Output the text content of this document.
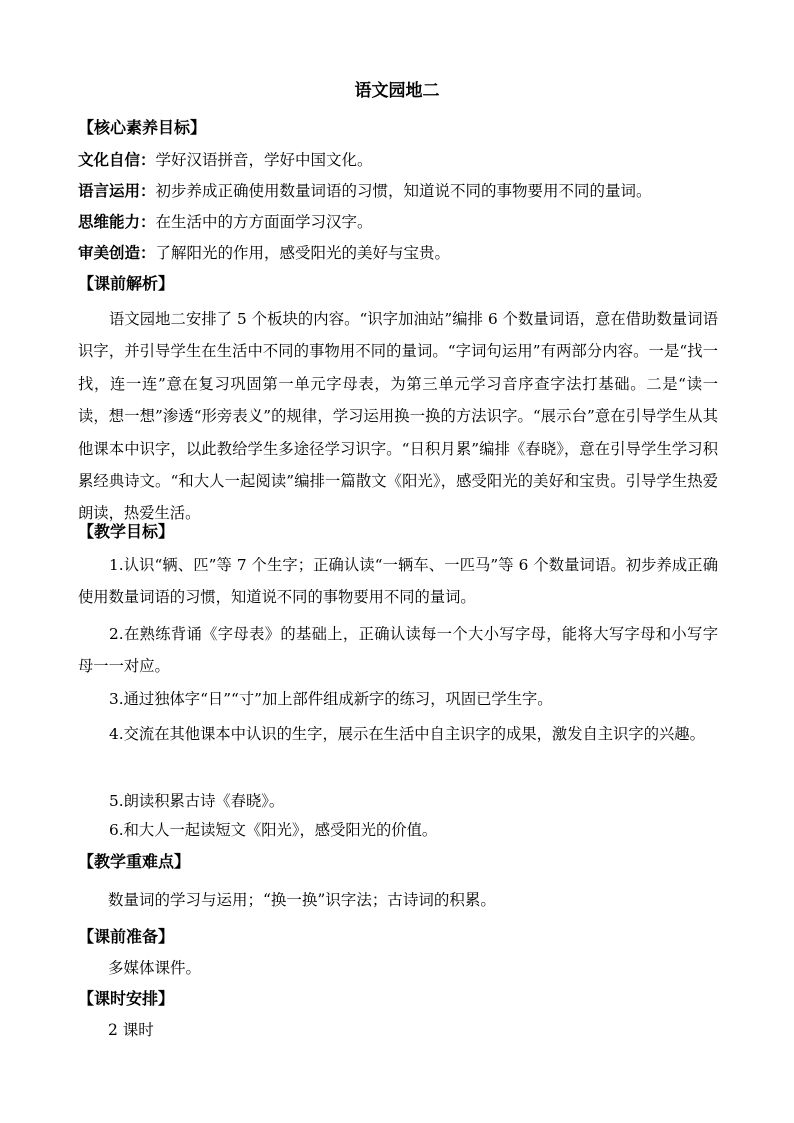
语文园地二
【核心素养目标】
文化自信：学好汉语拼音，学好中国文化。
语言运用：初步养成正确使用数量词语的习惯，知道说不同的事物要用不同的量词。
思维能力：在生活中的方方面面学习汉字。
审美创造：了解阳光的作用，感受阳光的美好与宝贵。
【课前解析】

语文园地二安排了 5 个板块的内容。“识字加油站”编排 6 个数量词语，意在借助数量词语识字，并引导学生在生活中不同的事物用不同的量词。“字词句运用”有两部分内容。一是“找一找，连一连”意在复习巩固第一单元字母表，为第三单元学习音序查字法打基础。二是“读一读，想一想”渗透“形旁表义”的规律，学习运用换一换的方法识字。“展示台”意在引导学生从其他课本中识字，以此教给学生多途径学习识字。“日积月累”编排《春晓》，意在引导学生学习积累经典诗文。“和大人一起阅读”编排一篇散文《阳光》，感受阳光的美好和宝贵。引导学生热爱朗读，热爱生活。

【教学目标】

1.认识“辆、匹”等 7 个生字；正确认读“一辆车、一匹马”等 6 个数量词语。初步养成正确使用数量词语的习惯，知道说不同的事物要用不同的量词。

2.在熟练背诵《字母表》的基础上，正确认读每一个大小写字母，能将大写字母和小写字母一一对应。

3.通过独体字“日”“寸”加上部件组成新字的练习，巩固已学生字。

4.交流在其他课本中认识的生字，展示在生活中自主识字的成果，激发自主识字的兴趣。

5.朗读积累古诗《春晓》。

6.和大人一起读短文《阳光》，感受阳光的价值。

【教学重难点】
数量词的学习与运用；“换一换”识字法；古诗词的积累。
【课前准备】
多媒体课件。
【课时安排】
2 课时
